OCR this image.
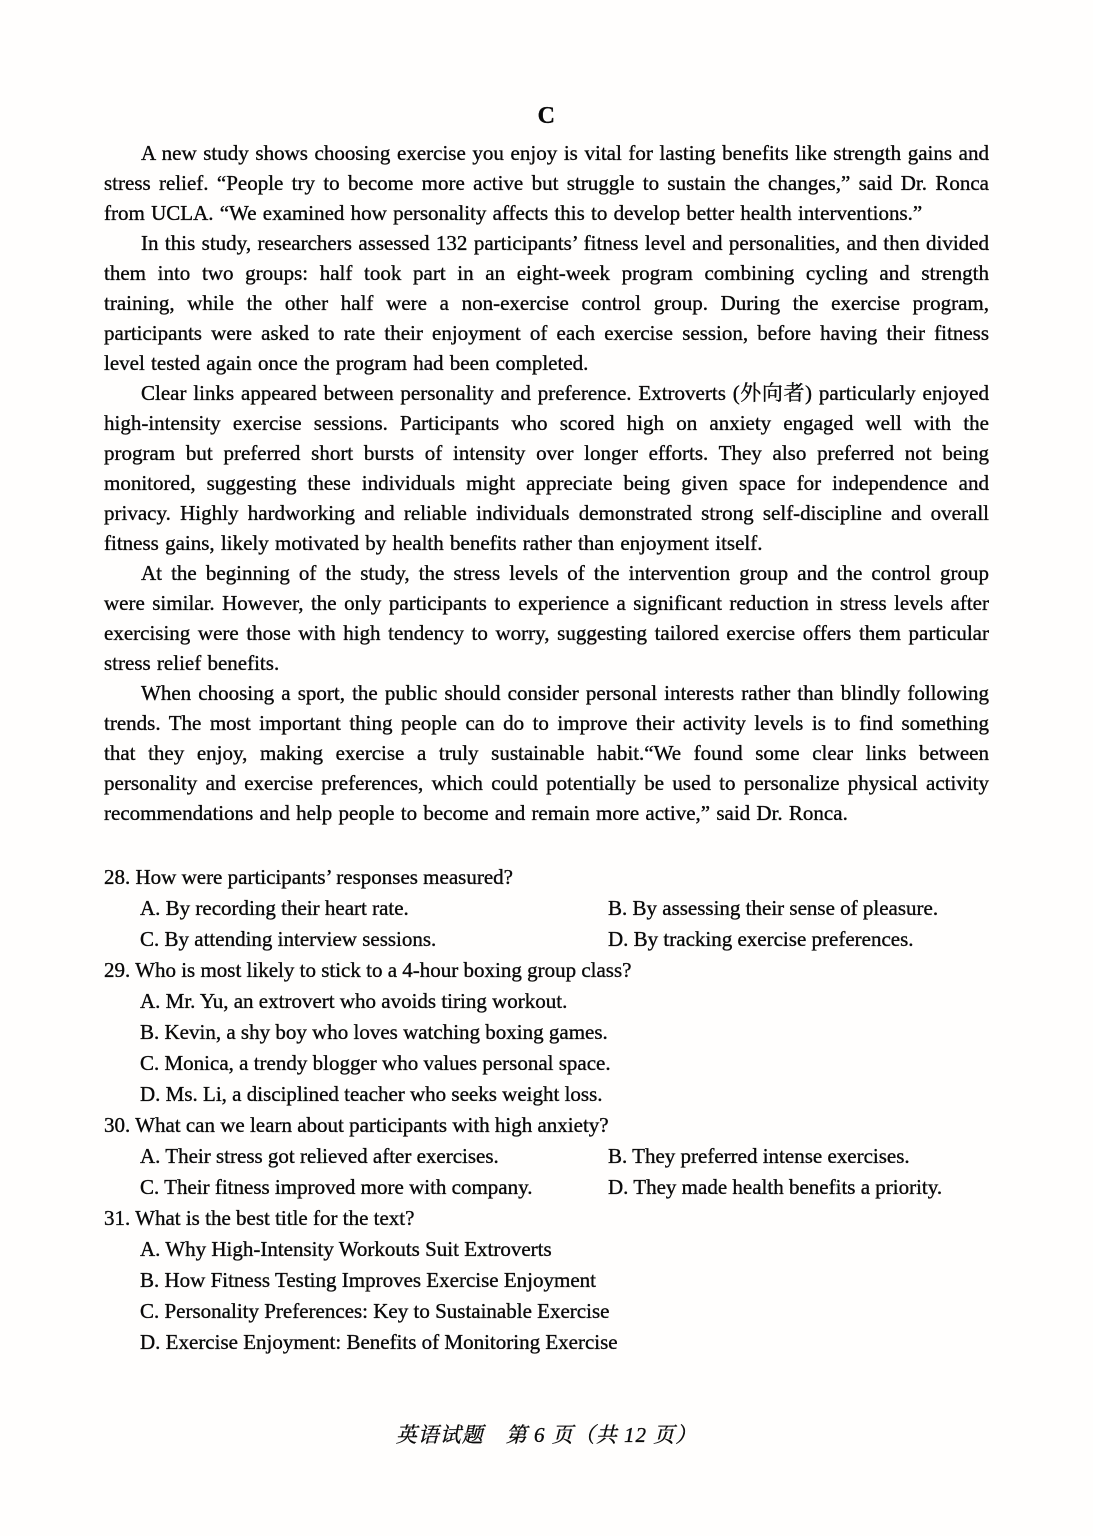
C

A new study shows choosing exercise you enjoy is vital for lasting benefits like strength gains and stress relief. “People try to become more active but struggle to sustain the changes,” said Dr. Ronca from UCLA. “We examined how personality affects this to develop better health interventions.”

In this study, researchers assessed 132 participants’ fitness level and personalities, and then divided them into two groups: half took part in an eight-week program combining cycling and strength training, while the other half were a non-exercise control group. During the exercise program, participants were asked to rate their enjoyment of each exercise session, before having their fitness level tested again once the program had been completed.

Clear links appeared between personality and preference. Extroverts (外向者) particularly enjoyed high-intensity exercise sessions. Participants who scored high on anxiety engaged well with the program but preferred short bursts of intensity over longer efforts. They also preferred not being monitored, suggesting these individuals might appreciate being given space for independence and privacy. Highly hardworking and reliable individuals demonstrated strong self-discipline and overall fitness gains, likely motivated by health benefits rather than enjoyment itself.

At the beginning of the study, the stress levels of the intervention group and the control group were similar. However, the only participants to experience a significant reduction in stress levels after exercising were those with high tendency to worry, suggesting tailored exercise offers them particular stress relief benefits.

When choosing a sport, the public should consider personal interests rather than blindly following trends. The most important thing people can do to improve their activity levels is to find something that they enjoy, making exercise a truly sustainable habit.“We found some clear links between personality and exercise preferences, which could potentially be used to personalize physical activity recommendations and help people to become and remain more active,” said Dr. Ronca.

28. How were participants’ responses measured?
A. By recording their heart rate.	B. By assessing their sense of pleasure.
C. By attending interview sessions.	D. By tracking exercise preferences.
29. Who is most likely to stick to a 4-hour boxing group class?
A. Mr. Yu, an extrovert who avoids tiring workout.
B. Kevin, a shy boy who loves watching boxing games.
C. Monica, a trendy blogger who values personal space.
D. Ms. Li, a disciplined teacher who seeks weight loss.
30. What can we learn about participants with high anxiety?
A. Their stress got relieved after exercises.	B. They preferred intense exercises.
C. Their fitness improved more with company.	D. They made health benefits a priority.
31. What is the best title for the text?
A. Why High-Intensity Workouts Suit Extroverts
B. How Fitness Testing Improves Exercise Enjoyment
C. Personality Preferences: Key to Sustainable Exercise
D. Exercise Enjoyment: Benefits of Monitoring Exercise
英语试题　第 6 页（共 12 页）
